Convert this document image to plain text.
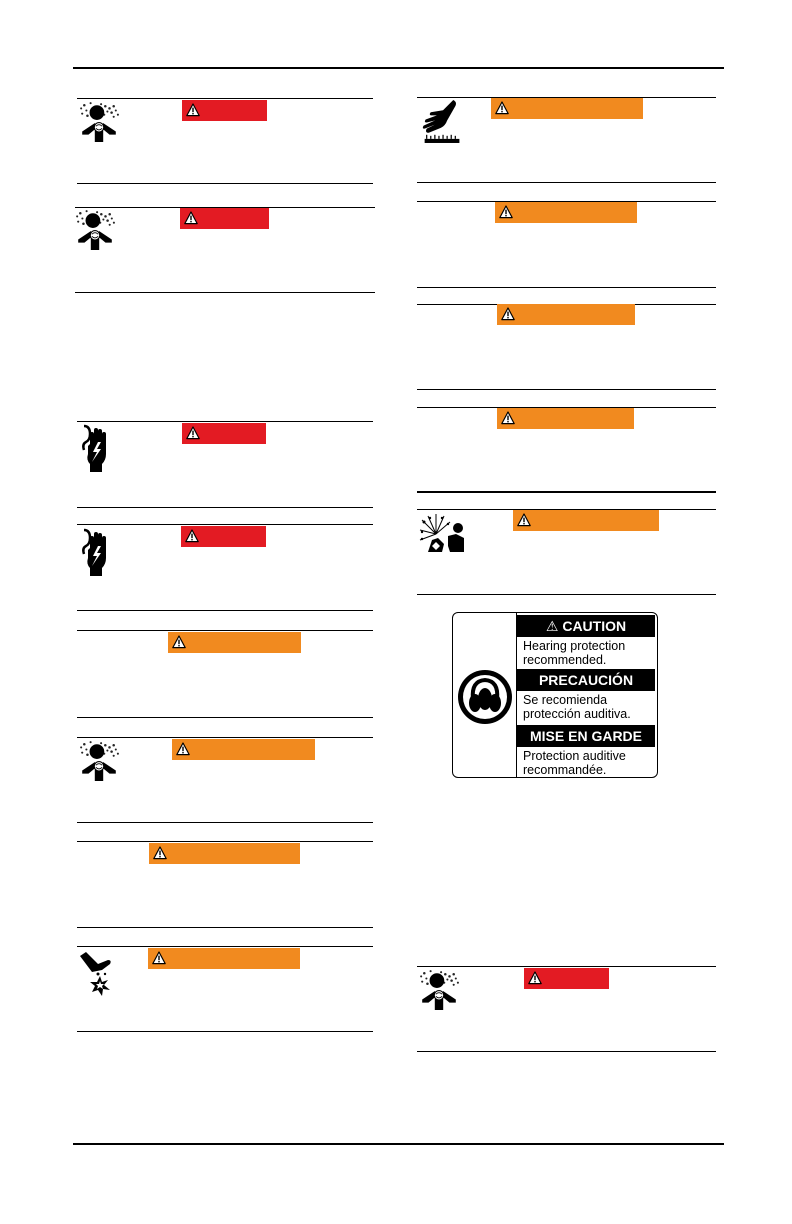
⚠ CAUTION
Hearing protection
recommended.
PRECAUCIÓN
Se recomienda
protección auditiva.
MISE EN GARDE
Protection auditive
recommandée.
